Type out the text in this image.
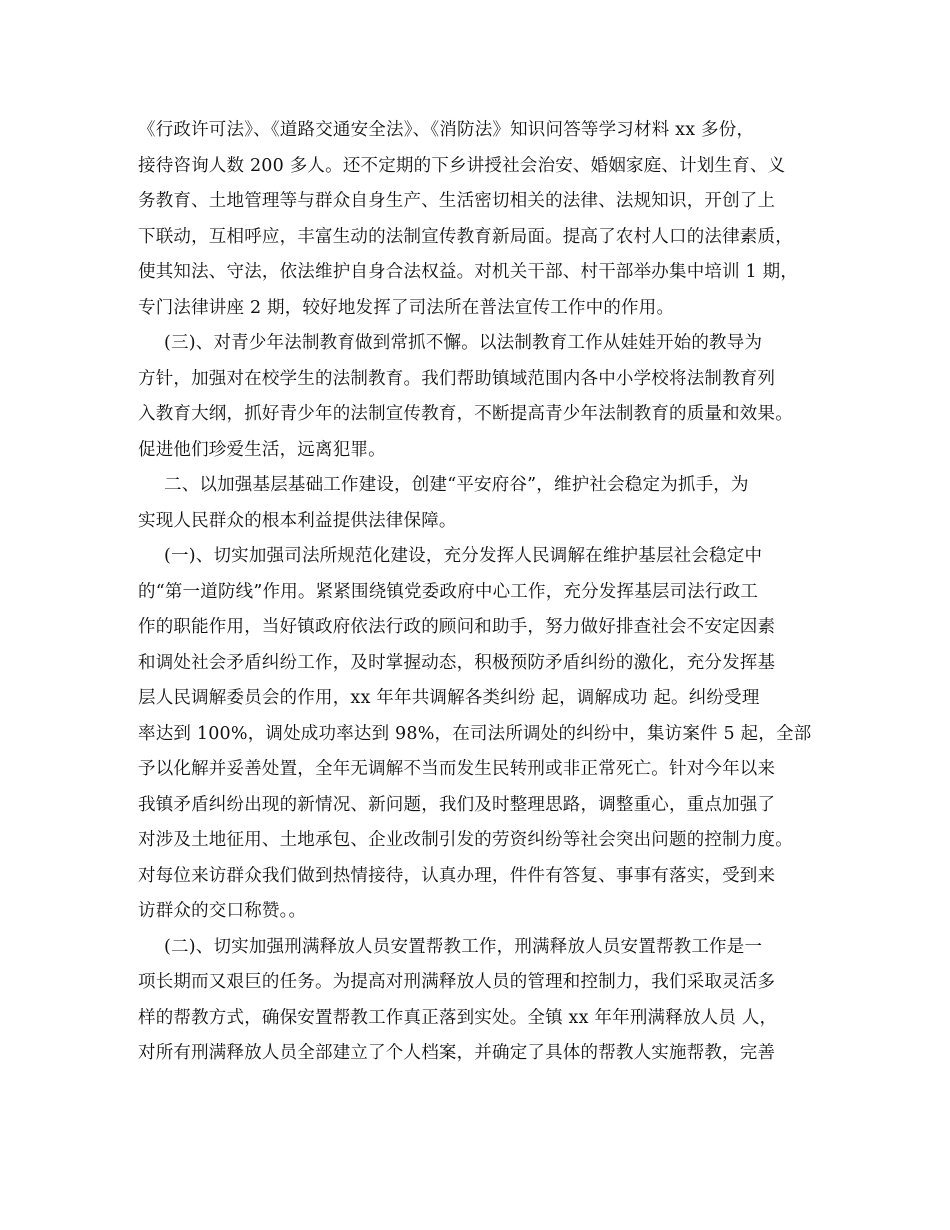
《行政许可法》、《道路交通安全法》、《消防法》知识问答等学习材料 xx 多份，
接待咨询人数 200 多人。还不定期的下乡讲授社会治安、婚姻家庭、计划生育、义
务教育、土地管理等与群众自身生产、生活密切相关的法律、法规知识，开创了上
下联动，互相呼应，丰富生动的法制宣传教育新局面。提高了农村人口的法律素质，
使其知法、守法，依法维护自身合法权益。对机关干部、村干部举办集中培训 1 期，
专门法律讲座 2 期，较好地发挥了司法所在普法宣传工作中的作用。
(三)、对青少年法制教育做到常抓不懈。以法制教育工作从娃娃开始的教导为
方针，加强对在校学生的法制教育。我们帮助镇域范围内各中小学校将法制教育列
入教育大纲，抓好青少年的法制宣传教育，不断提高青少年法制教育的质量和效果。
促进他们珍爱生活，远离犯罪。
二、以加强基层基础工作建设，创建“平安府谷”，维护社会稳定为抓手，为
实现人民群众的根本利益提供法律保障。
(一)、切实加强司法所规范化建设，充分发挥人民调解在维护基层社会稳定中
的“第一道防线”作用。紧紧围绕镇党委政府中心工作，充分发挥基层司法行政工
作的职能作用，当好镇政府依法行政的顾问和助手，努力做好排查社会不安定因素
和调处社会矛盾纠纷工作，及时掌握动态，积极预防矛盾纠纷的激化，充分发挥基
层人民调解委员会的作用，xx 年年共调解各类纠纷 起，调解成功 起。纠纷受理
率达到 100%，调处成功率达到 98%，在司法所调处的纠纷中，集访案件 5 起，全部
予以化解并妥善处置，全年无调解不当而发生民转刑或非正常死亡。针对今年以来
我镇矛盾纠纷出现的新情况、新问题，我们及时整理思路，调整重心，重点加强了
对涉及土地征用、土地承包、企业改制引发的劳资纠纷等社会突出问题的控制力度。
对每位来访群众我们做到热情接待，认真办理，件件有答复、事事有落实，受到来
访群众的交口称赞。。
(二)、切实加强刑满释放人员安置帮教工作，刑满释放人员安置帮教工作是一
项长期而又艰巨的任务。为提高对刑满释放人员的管理和控制力，我们采取灵活多
样的帮教方式，确保安置帮教工作真正落到实处。全镇 xx 年年刑满释放人员 人，
对所有刑满释放人员全部建立了个人档案，并确定了具体的帮教人实施帮教，完善
